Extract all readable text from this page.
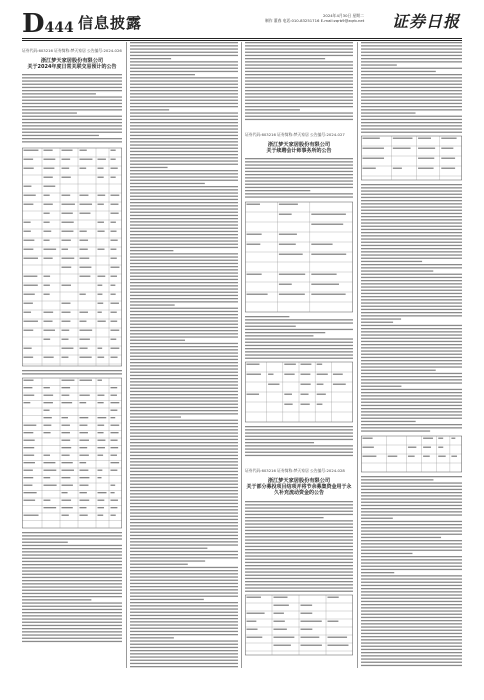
D444 信息披露	2024年4月30日 星期二
制作 董春 电话:010-83251716 E-mail:zqrb9@zqrb.net 证券日报
证券代码:603216 证券简称:梦天家居 公告编号:2024-026
浙江梦天家居股份有限公司
关于2024年度日常关联交易预计的公告
证券代码:603216 证券简称:梦天家居 公告编号:2024-027
浙江梦天家居股份有限公司
关于续聘会计师事务所的公告
证券代码:603216 证券简称:梦天家居 公告编号:2024-028
浙江梦天家居股份有限公司
关于部分募投项目结项并将节余募集资金用于永久补充流动资金的公告
